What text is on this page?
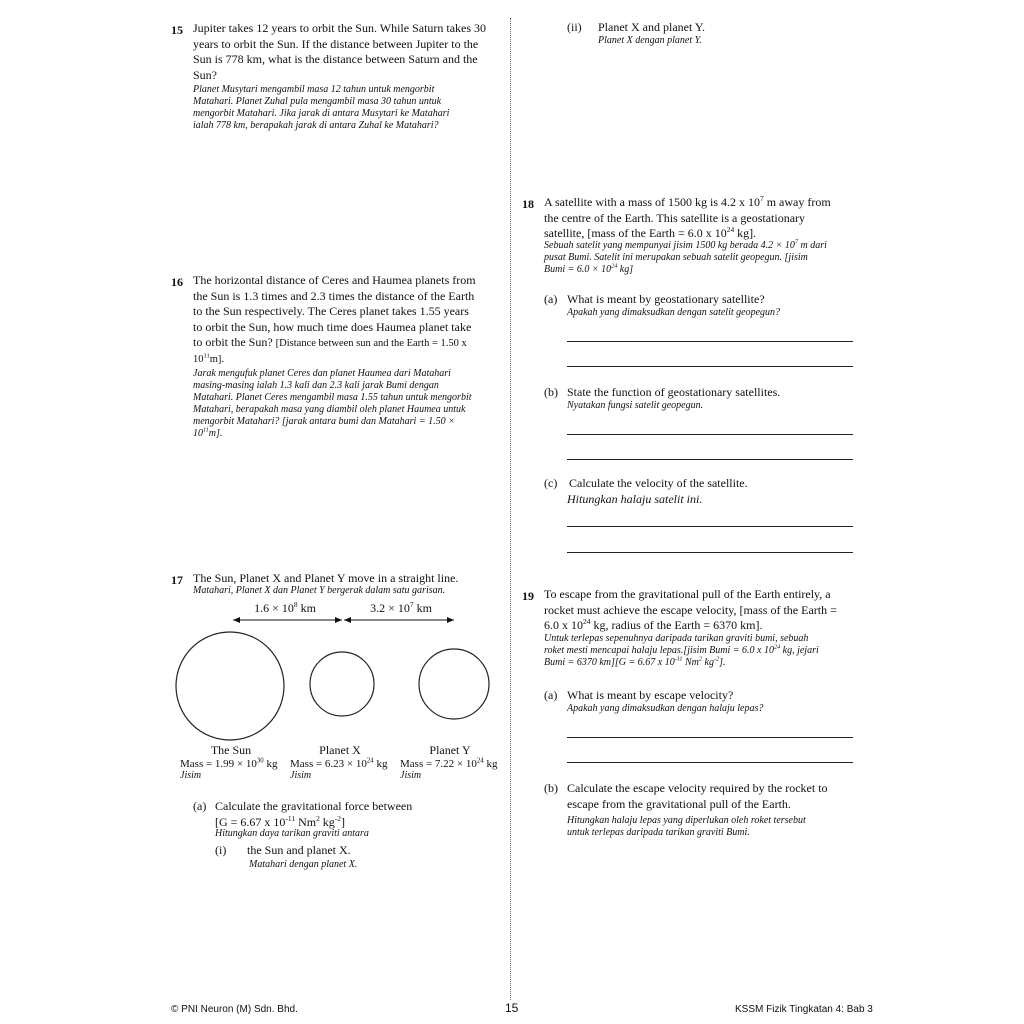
15 Jupiter takes 12 years to orbit the Sun. While Saturn takes 30
years to orbit the Sun. If the distance between Jupiter to the
Sun is 778 km, what is the distance between Saturn and the
Sun?
Planet Musytari mengambil masa 12 tahun untuk mengorbit
Matahari. Planet Zuhal pula mengambil masa 30 tahun untuk
mengorbit Matahari. Jika jarak di antara Musytari ke Matahari
ialah 778 km, berapakah jarak di antara Zuhal ke Matahari?
16 The horizontal distance of Ceres and Haumea planets from
the Sun is 1.3 times and 2.3 times the distance of the Earth
to the Sun respectively. The Ceres planet takes 1.55 years
to orbit the Sun, how much time does Haumea planet take
to orbit the Sun? [Distance between sun and the Earth = 1.50 x
$10^{11}m$].
Jarak mengufuk planet Ceres dan planet Haumea dari Matahari
masing-masing ialah 1.3 kali dan 2.3 kali jarak Bumi dengan
Matahari. Planet Ceres mengambil masa 1.55 tahun untuk mengorbit
Matahari, berapakah masa yang diambil oleh planet Haumea untuk
mengorbit Matahari? [jarak antara bumi dan Matahari = 1.50 ×
$10^{11}m$].
17 The Sun, Planet X and Planet Y move in a straight line.
Matahari, Planet X dan Planet Y bergerak dalam satu garisan.
$1.6 \times 10^8$ km	$3.2 \times 10^7$ km
The Sun
Mass = $1.99 \times 10^{30}$ kg
Jisim
Planet X
Mass = $6.23 \times 10^{24}$ kg
Jisim
Planet Y
Mass = $7.22 \times 10^{24}$ kg
Jisim
(a) Calculate the gravitational force between
[G = 6.67 x $10^{-11}$ Nm$^2$ $kg^{-2}$]
Hitungkan daya tarikan graviti antara
(i) the Sun and planet X.
Matahari dengan planet X.
(ii) Planet X and planet Y.
Planet X dengan planet Y.
18 A satellite with a mass of 1500 kg is 4.2 x $10^7$ m away from
the centre of the Earth. This satellite is a geostationary
satellite, [mass of the Earth = 6.0 x $10^{24}$ kg].
Sebuah satelit yang mempunyai jisim 1500 kg berada $4.2 \times 10^7$ m dari
pusat Bumi. Satelit ini merupakan sebuah satelit geopegun. [jisim
Bumi = $6.0 \times 10^{24}$ kg]
(a) What is meant by geostationary satellite?
Apakah yang dimaksudkan dengan satelit geopegun?
(b) State the function of geostationary satellites.
Nyatakan fungsi satelit geopegun.
(c) Calculate the velocity of the satellite.
Hitungkan halaju satelit ini.
19 To escape from the gravitational pull of the Earth entirely, a
rocket must achieve the escape velocity, [mass of the Earth =
6.0 x $10^{24}$ kg, radius of the Earth = 6370 km].
Untuk terlepas sepenuhnya daripada tarikan graviti bumi, sebuah
roket mesti mencapai halaju lepas.[jisim Bumi = 6.0 x $10^{24}$ kg, jejari
Bumi = 6370 km][G = 6.67 x $10^{-11}$ Nm$^2$ $kg^{-2}$].
(a) What is meant by escape velocity?
Apakah yang dimaksudkan dengan halaju lepas?
(b) Calculate the escape velocity required by the rocket to
escape from the gravitational pull of the Earth.
Hitungkan halaju lepas yang diperlukan oleh roket tersebut
untuk terlepas daripada tarikan graviti Bumi.
© PNI Neuron (M) Sdn. Bhd.	15	KSSM Fizik Tingkatan 4: Bab 3
